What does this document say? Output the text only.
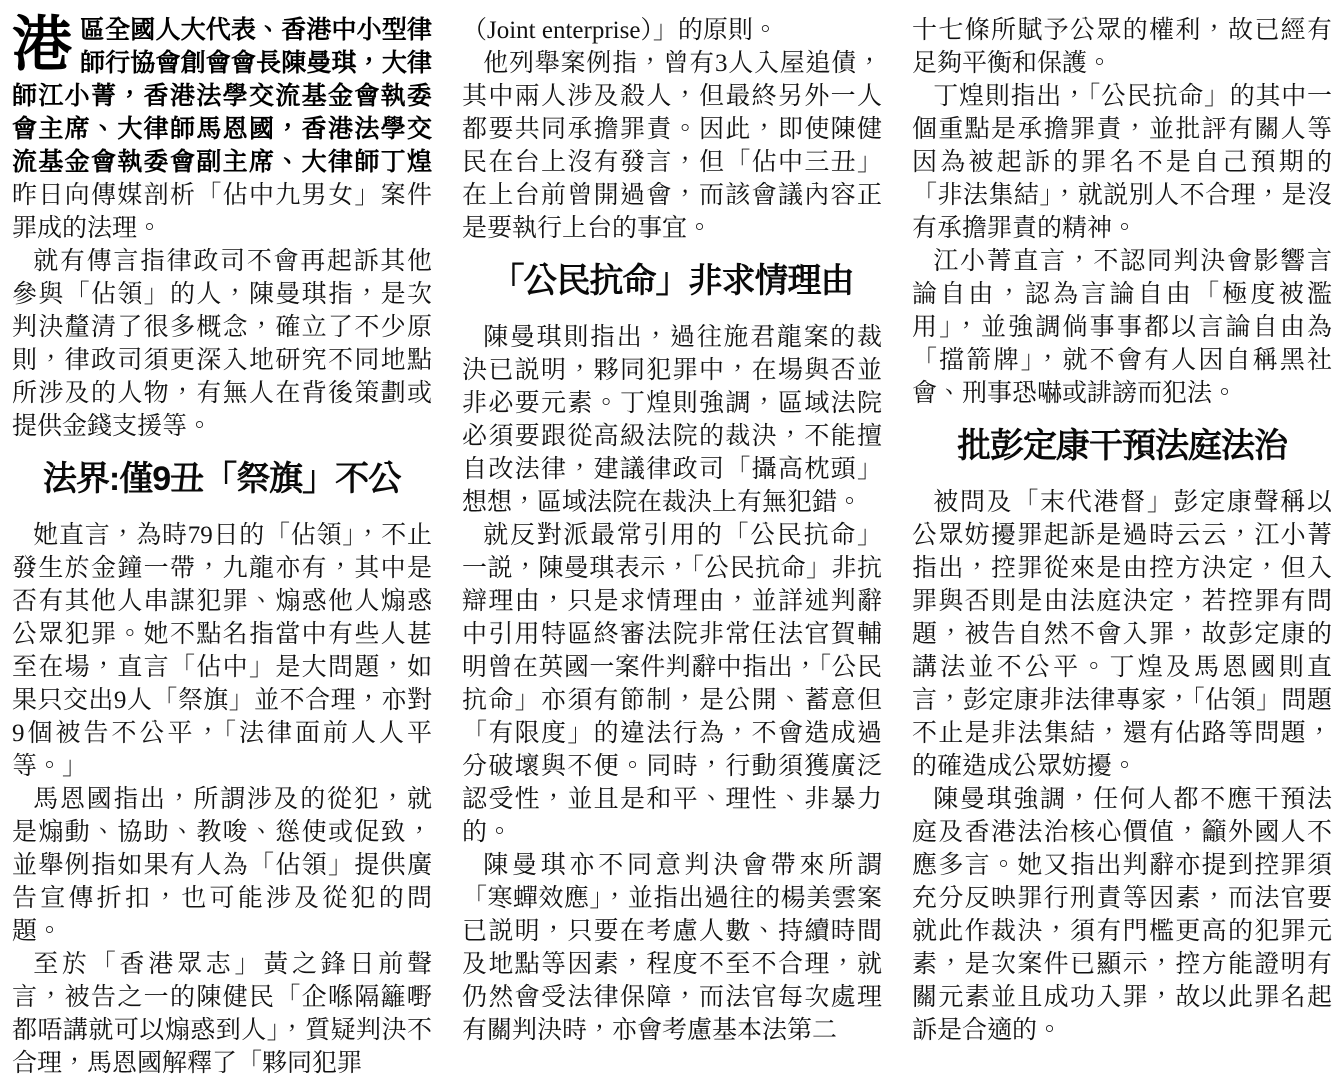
港區全國人大代表、香港中小型律師行協會創會會長陳曼琪，大律師江小菁，香港法學交流基金會執委會主席、大律師馬恩國，香港法學交流基金會執委會副主席、大律師丁煌昨日向傳媒剖析「佔中九男女」案件罪成的法理。

就有傳言指律政司不會再起訴其他參與「佔領」的人，陳曼琪指，是次判決釐清了很多概念，確立了不少原則，律政司須更深入地研究不同地點所涉及的人物，有無人在背後策劃或提供金錢支援等。

法界:僅9丑「祭旗」不公

她直言，為時79日的「佔領」，不止發生於金鐘一帶，九龍亦有，其中是否有其他人串謀犯罪、煽惑他人煽惑公眾犯罪。她不點名指當中有些人甚至在場，直言「佔中」是大問題，如果只交出9人「祭旗」並不合理，亦對9個被告不公平，「法律面前人人平等。」

馬恩國指出，所謂涉及的從犯，就是煽動、協助、教唆、慫使或促致，並舉例指如果有人為「佔領」提供廣告宣傳折扣，也可能涉及從犯的問題。

至於「香港眾志」黃之鋒日前聲言，被告之一的陳健民「企喺隔籬嘢都唔講就可以煽惑到人」，質疑判決不合理，馬恩國解釋了「夥同犯罪

（Joint enterprise）」的原則。

他列舉案例指，曾有3人入屋追債，其中兩人涉及殺人，但最終另外一人都要共同承擔罪責。因此，即使陳健民在台上沒有發言，但「佔中三丑」在上台前曾開過會，而該會議內容正是要執行上台的事宜。

「公民抗命」非求情理由

陳曼琪則指出，過往施君龍案的裁決已説明，夥同犯罪中，在場與否並非必要元素。丁煌則強調，區域法院必須要跟從高級法院的裁決，不能擅自改法律，建議律政司「攝高枕頭」想想，區域法院在裁決上有無犯錯。

就反對派最常引用的「公民抗命」一説，陳曼琪表示，「公民抗命」非抗辯理由，只是求情理由，並詳述判辭中引用特區終審法院非常任法官賀輔明曾在英國一案件判辭中指出，「公民抗命」亦須有節制，是公開、蓄意但「有限度」的違法行為，不會造成過分破壞與不便。同時，行動須獲廣泛認受性，並且是和平、理性、非暴力的。

陳曼琪亦不同意判決會帶來所謂「寒蟬效應」，並指出過往的楊美雲案已説明，只要在考慮人數、持續時間及地點等因素，程度不至不合理，就仍然會受法律保障，而法官每次處理有關判決時，亦會考慮基本法第二

十七條所賦予公眾的權利，故已經有足夠平衡和保護。

丁煌則指出，「公民抗命」的其中一個重點是承擔罪責，並批評有關人等因為被起訴的罪名不是自己預期的「非法集結」，就説別人不合理，是沒有承擔罪責的精神。

江小菁直言，不認同判決會影響言論自由，認為言論自由「極度被濫用」，並強調倘事事都以言論自由為「擋箭牌」，就不會有人因自稱黑社會、刑事恐嚇或誹謗而犯法。

批彭定康干預法庭法治

被問及「末代港督」彭定康聲稱以公眾妨擾罪起訴是過時云云，江小菁指出，控罪從來是由控方決定，但入罪與否則是由法庭決定，若控罪有問題，被告自然不會入罪，故彭定康的講法並不公平。丁煌及馬恩國則直言，彭定康非法律專家，「佔領」問題不止是非法集結，還有佔路等問題，的確造成公眾妨擾。

陳曼琪強調，任何人都不應干預法庭及香港法治核心價值，籲外國人不應多言。她又指出判辭亦提到控罪須充分反映罪行刑責等因素，而法官要就此作裁決，須有門檻更高的犯罪元素，是次案件已顯示，控方能證明有關元素並且成功入罪，故以此罪名起訴是合適的。
